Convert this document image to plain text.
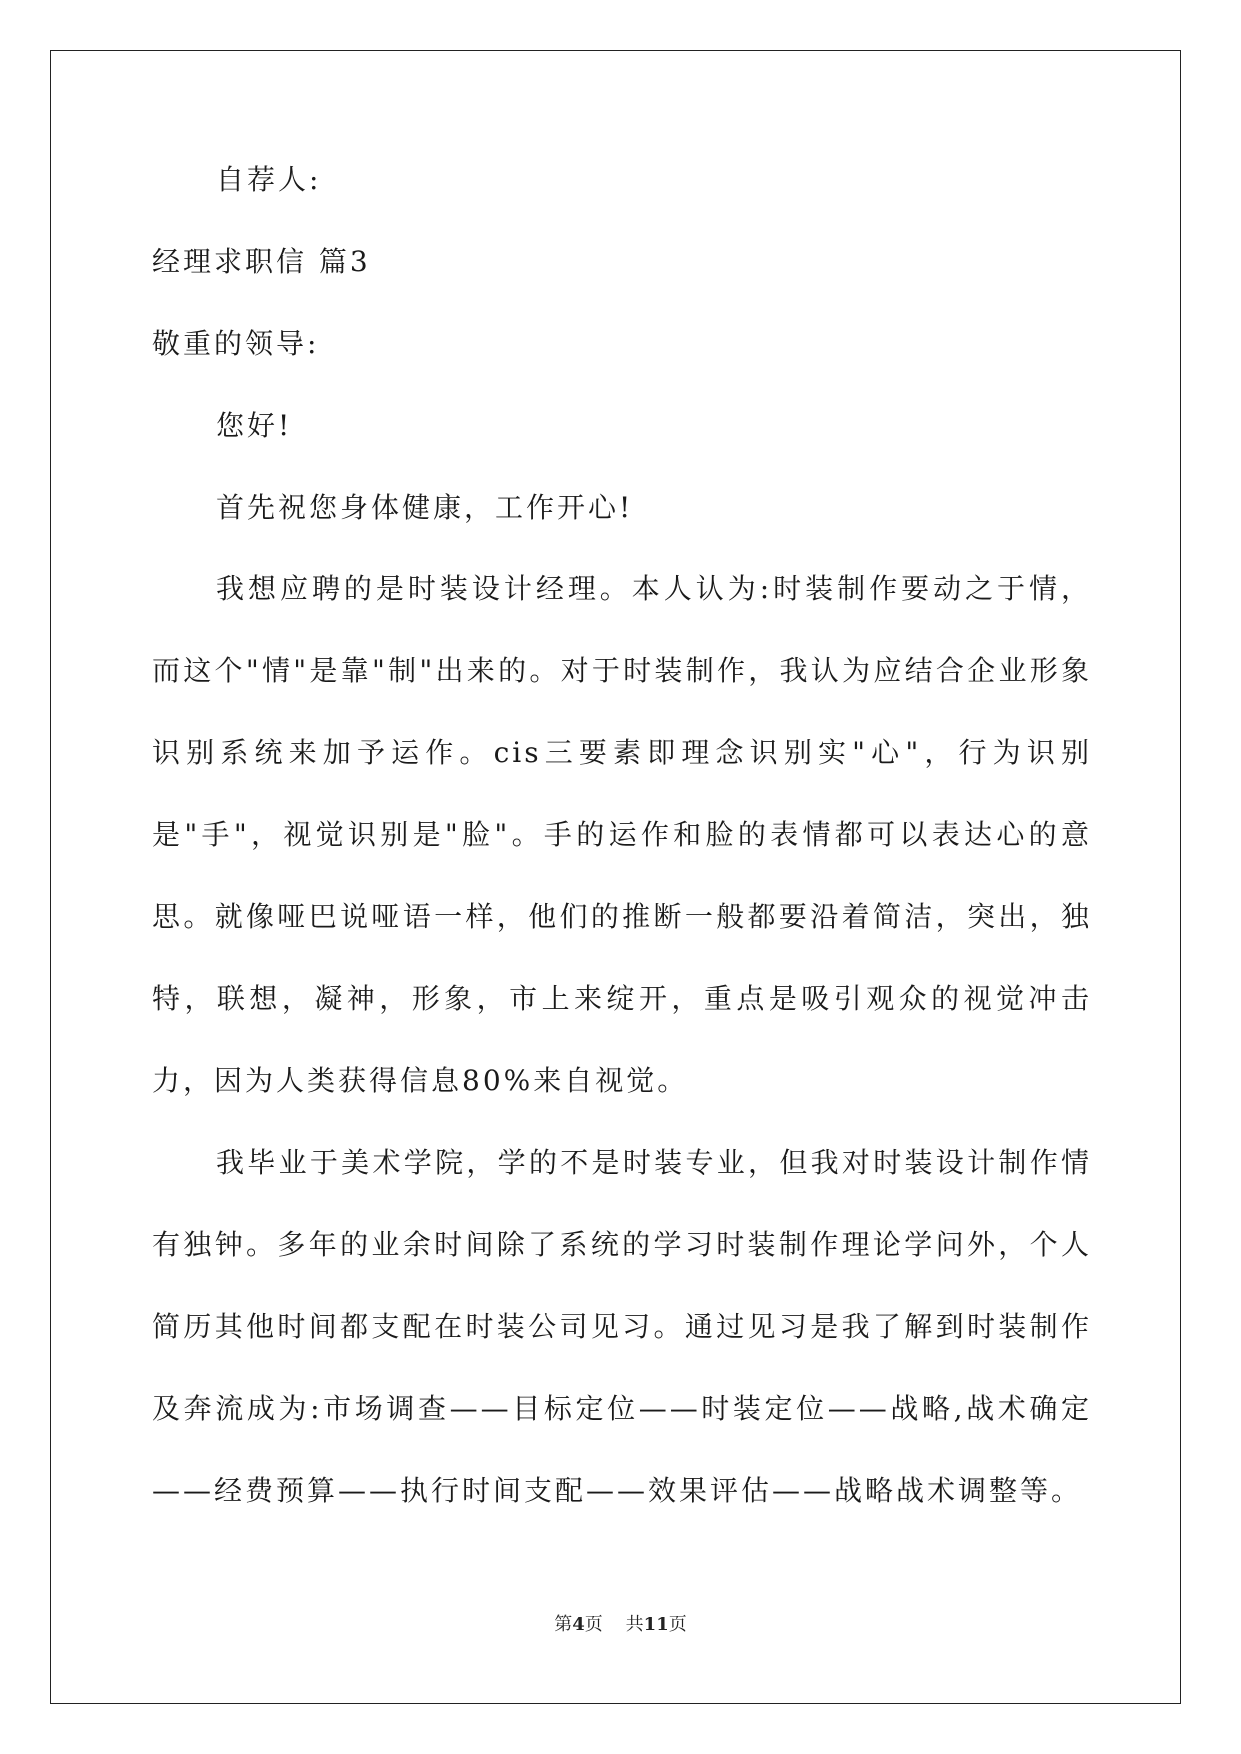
自荐人:

经理求职信 篇3

敬重的领导:

您好!

首先祝您身体健康，工作开心!

我想应聘的是时装设计经理。本人认为:时装制作要动之于情，而这个"情"是靠"制"出来的。对于时装制作，我认为应结合企业形象识别系统来加予运作。cis三要素即理念识别实"心"，行为识别是"手"，视觉识别是"脸"。手的运作和脸的表情都可以表达心的意思。就像哑巴说哑语一样，他们的推断一般都要沿着简洁，突出，独特，联想，凝神，形象，市上来绽开，重点是吸引观众的视觉冲击力，因为人类获得信息80%来自视觉。

我毕业于美术学院，学的不是时装专业，但我对时装设计制作情有独钟。多年的业余时间除了系统的学习时装制作理论学问外，个人简历其他时间都支配在时装公司见习。通过见习是我了解到时装制作及奔流成为:市场调查——目标定位——时装定位——战略,战术确定——经费预算——执行时间支配——效果评估——战略战术调整等。

第4页 共11页
